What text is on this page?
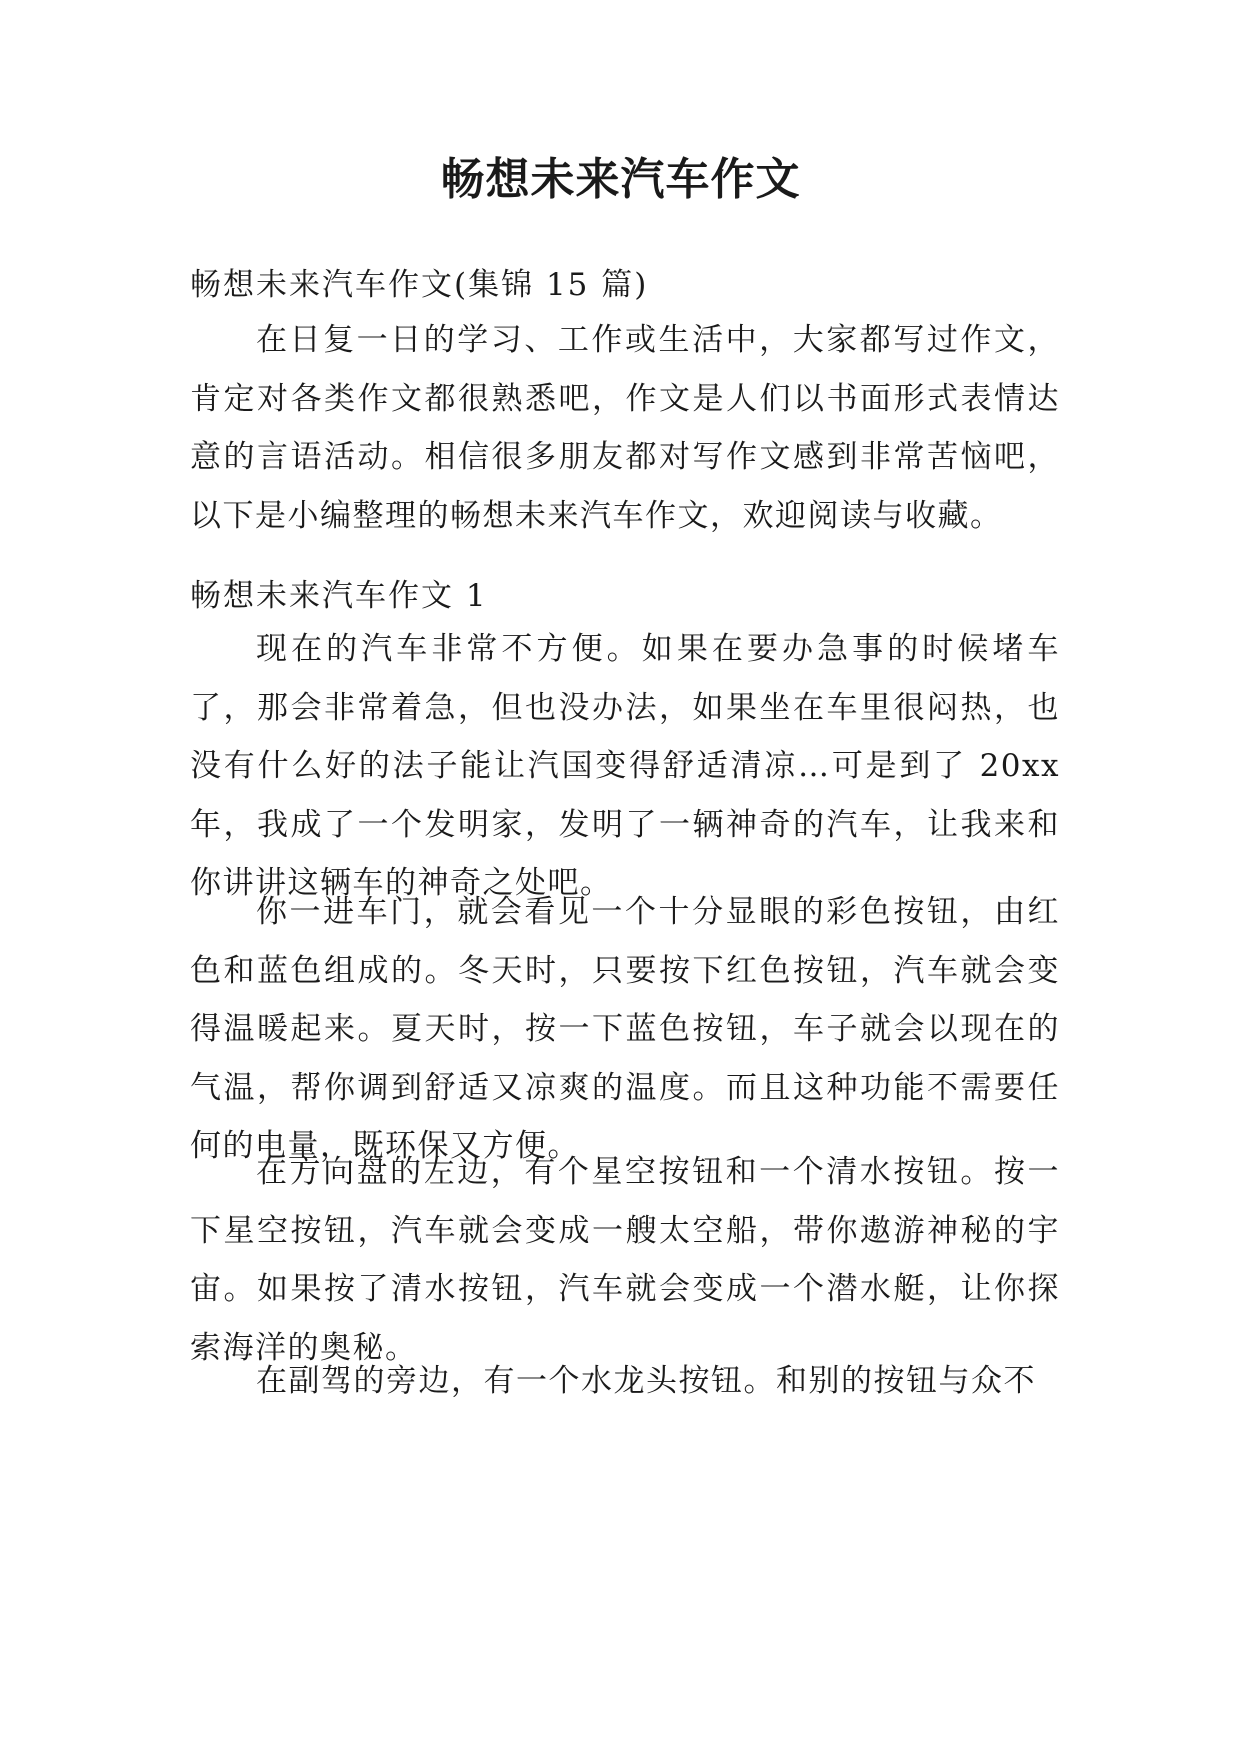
畅想未来汽车作文
畅想未来汽车作文(集锦 15 篇)

在日复一日的学习、工作或生活中，大家都写过作文，肯定对各类作文都很熟悉吧，作文是人们以书面形式表情达意的言语活动。相信很多朋友都对写作文感到非常苦恼吧，以下是小编整理的畅想未来汽车作文，欢迎阅读与收藏。

畅想未来汽车作文 1

现在的汽车非常不方便。如果在要办急事的时候堵车了，那会非常着急，但也没办法，如果坐在车里很闷热，也没有什么好的法子能让汽国变得舒适清凉…可是到了 20xx 年，我成了一个发明家，发明了一辆神奇的汽车，让我来和你讲讲这辆车的神奇之处吧。

你一进车门，就会看见一个十分显眼的彩色按钮，由红色和蓝色组成的。冬天时，只要按下红色按钮，汽车就会变得温暖起来。夏天时，按一下蓝色按钮，车子就会以现在的气温，帮你调到舒适又凉爽的温度。而且这种功能不需要任何的电量，既环保又方便。

在方向盘的左边，有个星空按钮和一个清水按钮。按一下星空按钮，汽车就会变成一艘太空船，带你遨游神秘的宇宙。如果按了清水按钮，汽车就会变成一个潜水艇，让你探索海洋的奥秘。

在副驾的旁边，有一个水龙头按钮。和别的按钮与众不
